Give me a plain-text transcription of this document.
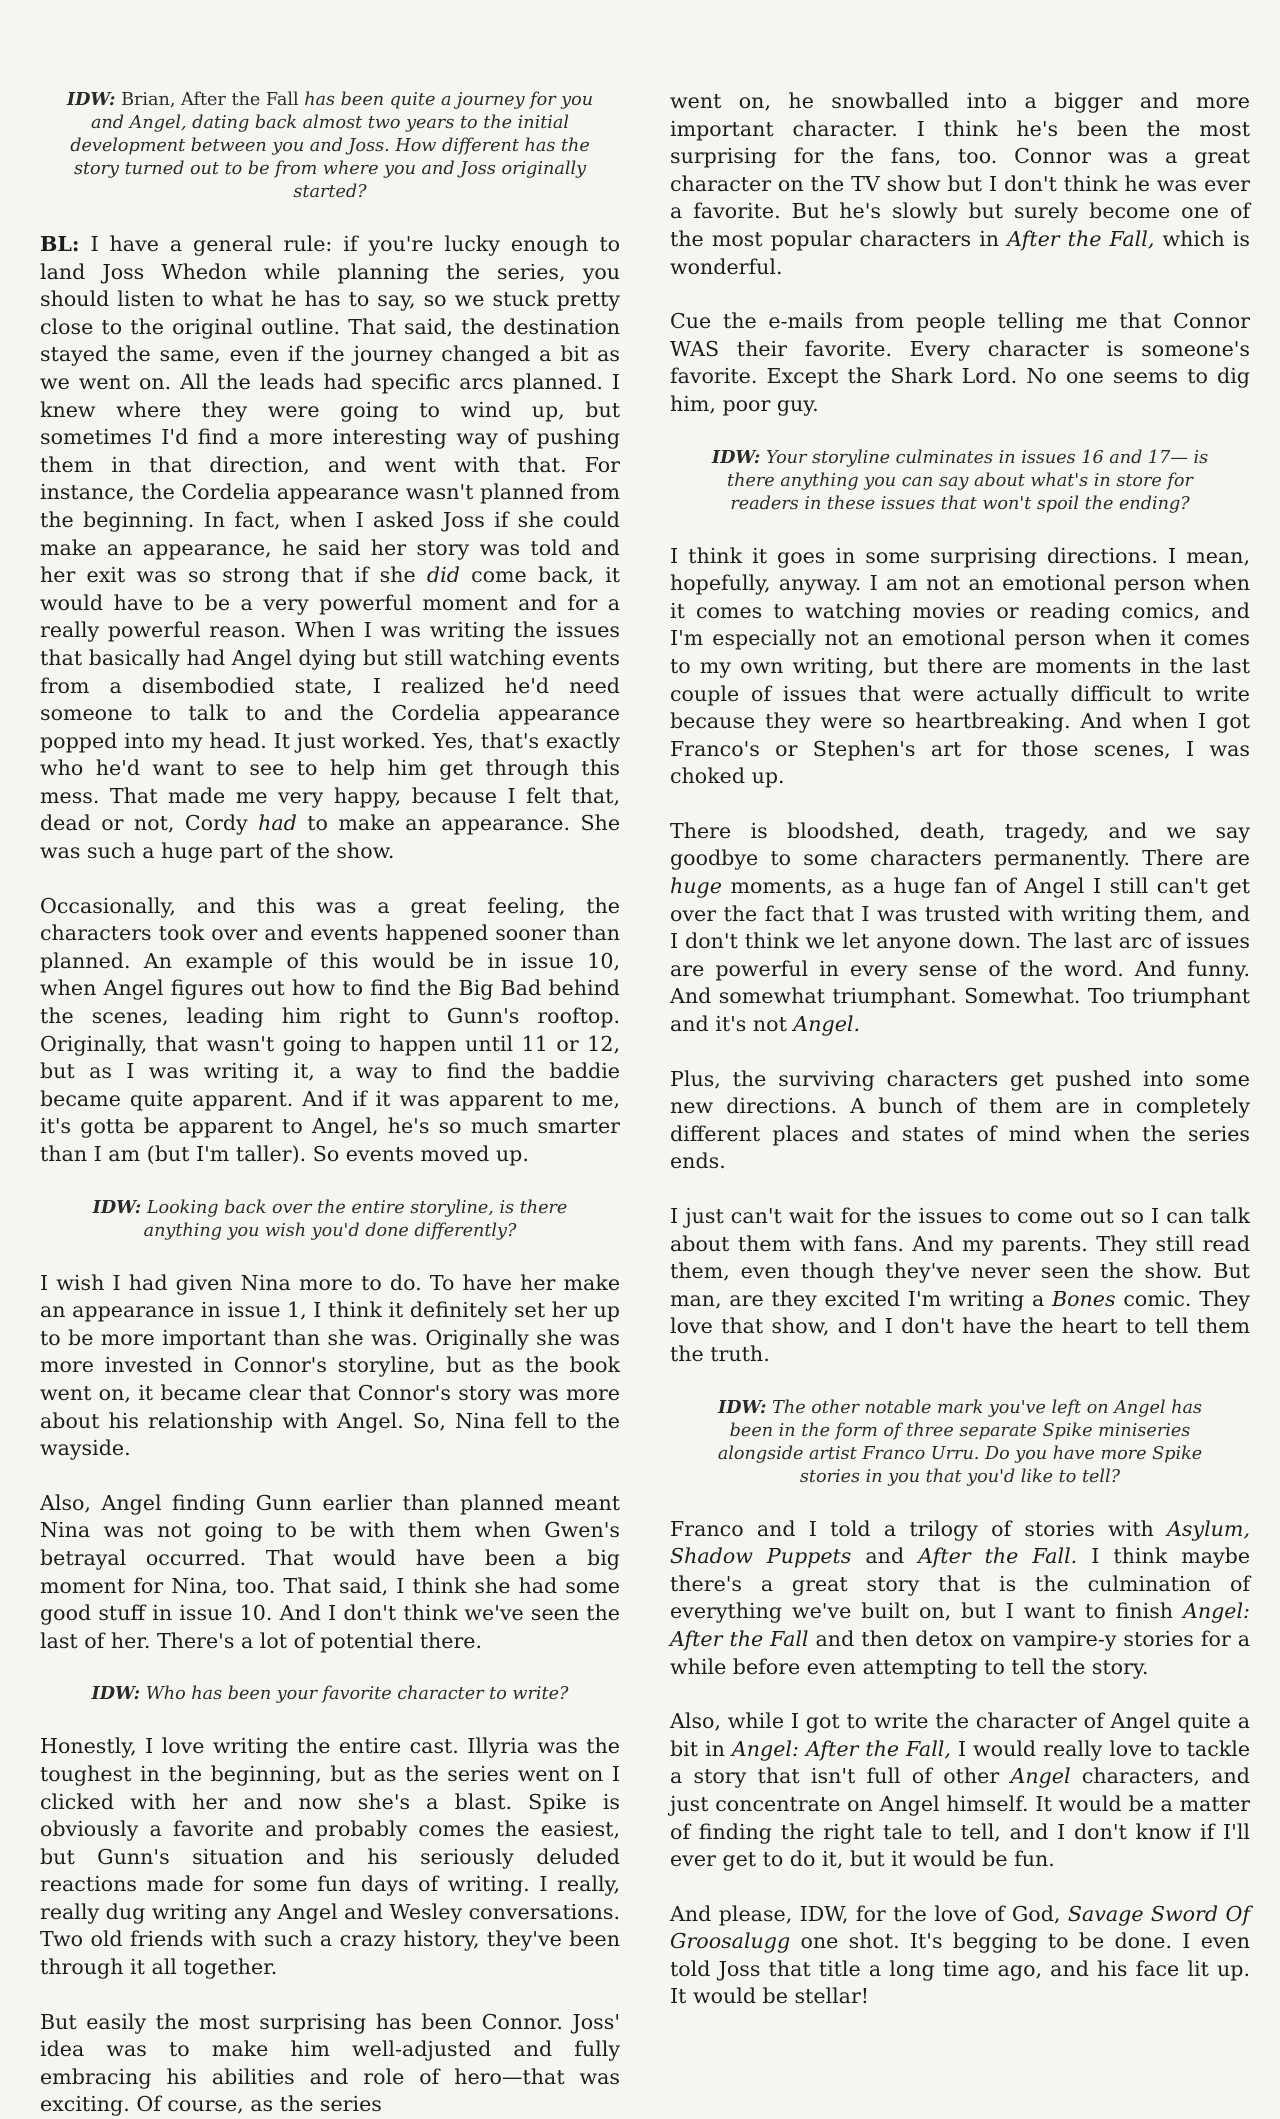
IDW: Brian, After the Fall has been quite a journey for you and Angel, dating back almost two years to the initial development between you and Joss. How different has the story turned out to be from where you and Joss originally started?

BL: I have a general rule: if you're lucky enough to land Joss Whedon while planning the series, you should listen to what he has to say, so we stuck pretty close to the original outline. That said, the destination stayed the same, even if the journey changed a bit as we went on. All the leads had specific arcs planned. I knew where they were going to wind up, but sometimes I'd find a more interesting way of pushing them in that direction, and went with that. For instance, the Cordelia appearance wasn't planned from the beginning. In fact, when I asked Joss if she could make an appearance, he said her story was told and her exit was so strong that if she did come back, it would have to be a very powerful moment and for a really powerful reason. When I was writing the issues that basically had Angel dying but still watching events from a disembodied state, I realized he'd need someone to talk to and the Cordelia appearance popped into my head. It just worked. Yes, that's exactly who he'd want to see to help him get through this mess. That made me very happy, because I felt that, dead or not, Cordy had to make an appearance. She was such a huge part of the show.

Occasionally, and this was a great feeling, the characters took over and events happened sooner than planned. An example of this would be in issue 10, when Angel figures out how to find the Big Bad behind the scenes, leading him right to Gunn's rooftop. Originally, that wasn't going to happen until 11 or 12, but as I was writing it, a way to find the baddie became quite apparent. And if it was apparent to me, it's gotta be apparent to Angel, he's so much smarter than I am (but I'm taller). So events moved up.

IDW: Looking back over the entire storyline, is there anything you wish you'd done differently?

I wish I had given Nina more to do. To have her make an appearance in issue 1, I think it definitely set her up to be more important than she was. Originally she was more invested in Connor's storyline, but as the book went on, it became clear that Connor's story was more about his relationship with Angel. So, Nina fell to the wayside.

Also, Angel finding Gunn earlier than planned meant Nina was not going to be with them when Gwen's betrayal occurred. That would have been a big moment for Nina, too. That said, I think she had some good stuff in issue 10. And I don't think we've seen the last of her. There's a lot of potential there.

IDW: Who has been your favorite character to write?

Honestly, I love writing the entire cast. Illyria was the toughest in the beginning, but as the series went on I clicked with her and now she's a blast. Spike is obviously a favorite and probably comes the easiest, but Gunn's situation and his seriously deluded reactions made for some fun days of writing. I really, really dug writing any Angel and Wesley conversations. Two old friends with such a crazy history, they've been through it all together.

But easily the most surprising has been Connor. Joss' idea was to make him well-adjusted and fully embracing his abilities and role of hero—that was exciting. Of course, as the series

went on, he snowballed into a bigger and more important character. I think he's been the most surprising for the fans, too. Connor was a great character on the TV show but I don't think he was ever a favorite. But he's slowly but surely become one of the most popular characters in After the Fall, which is wonderful.

Cue the e-mails from people telling me that Connor WAS their favorite. Every character is someone's favorite. Except the Shark Lord. No one seems to dig him, poor guy.

IDW: Your storyline culminates in issues 16 and 17— is there anything you can say about what's in store for readers in these issues that won't spoil the ending?

I think it goes in some surprising directions. I mean, hopefully, anyway. I am not an emotional person when it comes to watching movies or reading comics, and I'm especially not an emotional person when it comes to my own writing, but there are moments in the last couple of issues that were actually difficult to write because they were so heartbreaking. And when I got Franco's or Stephen's art for those scenes, I was choked up.

There is bloodshed, death, tragedy, and we say goodbye to some characters permanently. There are huge moments, as a huge fan of Angel I still can't get over the fact that I was trusted with writing them, and I don't think we let anyone down. The last arc of issues are powerful in every sense of the word. And funny. And somewhat triumphant. Somewhat. Too triumphant and it's not Angel.

Plus, the surviving characters get pushed into some new directions. A bunch of them are in completely different places and states of mind when the series ends.

I just can't wait for the issues to come out so I can talk about them with fans. And my parents. They still read them, even though they've never seen the show. But man, are they excited I'm writing a Bones comic. They love that show, and I don't have the heart to tell them the truth.

IDW: The other notable mark you've left on Angel has been in the form of three separate Spike miniseries alongside artist Franco Urru. Do you have more Spike stories in you that you'd like to tell?

Franco and I told a trilogy of stories with Asylum, Shadow Puppets and After the Fall. I think maybe there's a great story that is the culmination of everything we've built on, but I want to finish Angel: After the Fall and then detox on vampire-y stories for a while before even attempting to tell the story.

Also, while I got to write the character of Angel quite a bit in Angel: After the Fall, I would really love to tackle a story that isn't full of other Angel characters, and just concentrate on Angel himself. It would be a matter of finding the right tale to tell, and I don't know if I'll ever get to do it, but it would be fun.

And please, IDW, for the love of God, Savage Sword Of Groosalugg one shot. It's begging to be done. I even told Joss that title a long time ago, and his face lit up. It would be stellar!
